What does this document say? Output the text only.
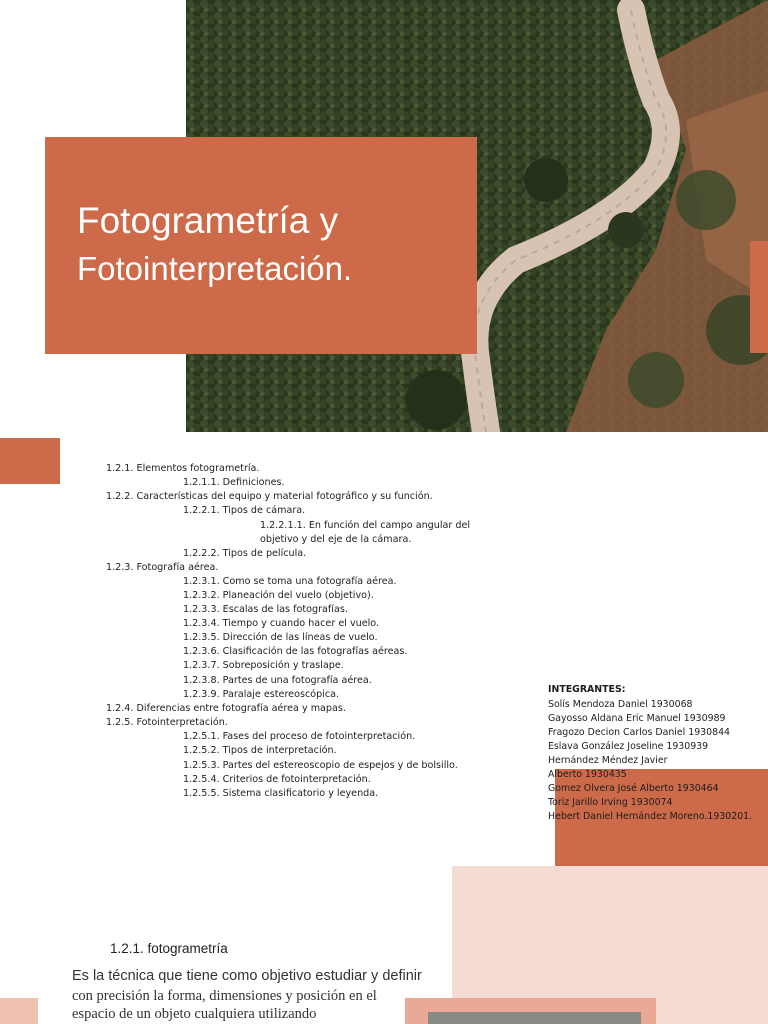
Fotogrametría y
Fotointerpretación.
1.2.1. Elementos fotogrametría.
1.2.1.1. Definiciones.
1.2.2. Características del equipo y material fotográfico y su función.
1.2.2.1. Tipos de cámara.
1.2.2.1.1. En función del campo angular del
objetivo y del eje de la cámara.
1.2.2.2. Tipos de película.
1.2.3. Fotografía aérea.
1.2.3.1. Como se toma una fotografía aérea.
1.2.3.2. Planeación del vuelo (objetivo).
1.2.3.3. Escalas de las fotografías.
1.2.3.4. Tiempo y cuando hacer el vuelo.
1.2.3.5. Dirección de las líneas de vuelo.
1.2.3.6. Clasificación de las fotografías aéreas.
1.2.3.7. Sobreposición y traslape.
1.2.3.8. Partes de una fotografía aérea.
1.2.3.9. Paralaje estereoscópica.
1.2.4. Diferencias entre fotografía aérea y mapas.
1.2.5. Fotointerpretación.
1.2.5.1. Fases del proceso de fotointerpretación.
1.2.5.2. Tipos de interpretación.
1.2.5.3. Partes del estereoscopio de espejos y de bolsillo.
1.2.5.4. Criterios de fotointerpretación.
1.2.5.5. Sistema clasificatorio y leyenda.
INTEGRANTES:
Solís Mendoza Daniel 1930068
Gayosso Aldana Eric Manuel 1930989
Fragozo Decion Carlos Daniel 1930844
Eslava González Joseline 1930939
Hernández Méndez Javier
Alberto 1930435
Gomez Olvera José Alberto 1930464
Toriz Jarillo Irving 1930074
Hebert Daniel Hernández Moreno.1930201.
1.2.1. fotogrametría
Es la técnica que tiene como objetivo estudiar y definir
con precisión la forma, dimensiones y posición en el
espacio de un objeto cualquiera utilizando
